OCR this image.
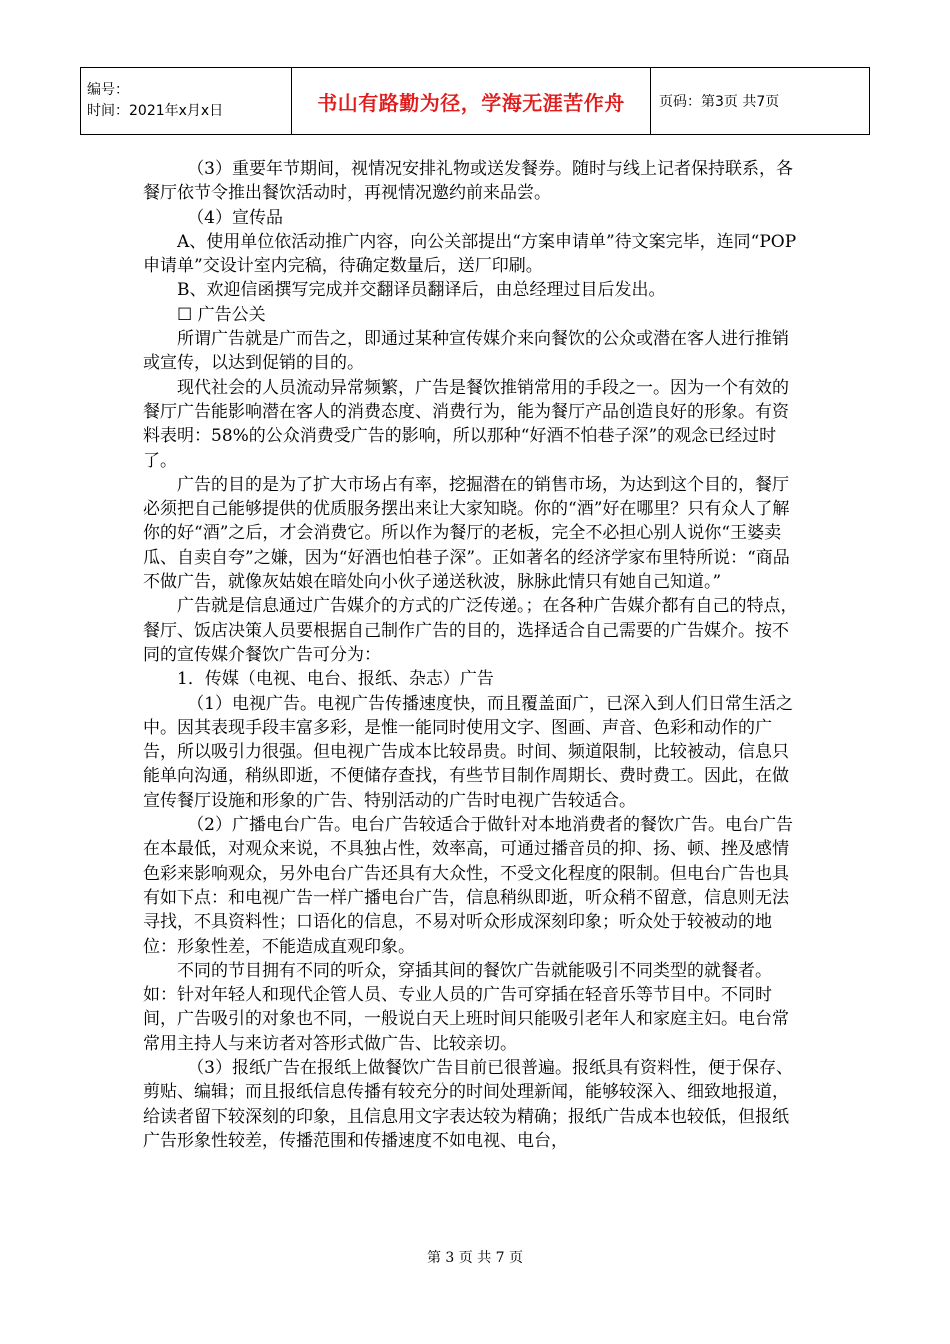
编号：
时间：2021年x月x日	书山有路勤为径，学海无涯苦作舟	页码：第3页 共7页

（3）重要年节期间，视情况安排礼物或送发餐券。随时与线上记者保持联系，各餐厅依节令推出餐饮活动时，再视情况邀约前来品尝。

（4）宣传品

A、使用单位依活动推广内容，向公关部提出“方案申请单”待文案完毕，连同“POP申请单”交设计室内完稿，待确定数量后，送厂印刷。

B、欢迎信函撰写完成并交翻译员翻译后，由总经理过目后发出。

☐ 广告公关

所谓广告就是广而告之，即通过某种宣传媒介来向餐饮的公众或潜在客人进行推销或宣传，以达到促销的目的。

现代社会的人员流动异常频繁，广告是餐饮推销常用的手段之一。因为一个有效的餐厅广告能影响潜在客人的消费态度、消费行为，能为餐厅产品创造良好的形象。有资料表明：58%的公众消费受广告的影响，所以那种“好酒不怕巷子深”的观念已经过时了。

广告的目的是为了扩大市场占有率，挖掘潜在的销售市场，为达到这个目的，餐厅必须把自己能够提供的优质服务摆出来让大家知晓。你的“酒”好在哪里？只有众人了解你的好“酒”之后，才会消费它。所以作为餐厅的老板，完全不必担心别人说你“王婆卖瓜、自卖自夸”之嫌，因为“好酒也怕巷子深”。正如著名的经济学家布里特所说：“商品不做广告，就像灰姑娘在暗处向小伙子递送秋波，脉脉此情只有她自己知道。”

广告就是信息通过广告媒介的方式的广泛传递。；在各种广告媒介都有自己的特点，餐厅、饭店决策人员要根据自己制作广告的目的，选择适合自己需要的广告媒介。按不同的宣传媒介餐饮广告可分为：

1．传媒（电视、电台、报纸、杂志）广告

（1）电视广告。电视广告传播速度快，而且覆盖面广，已深入到人们日常生活之中。因其表现手段丰富多彩，是惟一能同时使用文字、图画、声音、色彩和动作的广告，所以吸引力很强。但电视广告成本比较昂贵。时间、频道限制，比较被动，信息只能单向沟通，稍纵即逝，不便储存查找，有些节目制作周期长、费时费工。因此，在做宣传餐厅设施和形象的广告、特别活动的广告时电视广告较适合。

（2）广播电台广告。电台广告较适合于做针对本地消费者的餐饮广告。电台广告在本最低，对观众来说，不具独占性，效率高，可通过播音员的抑、扬、顿、挫及感情色彩来影响观众，另外电台广告还具有大众性，不受文化程度的限制。但电台广告也具有如下点：和电视广告一样广播电台广告，信息稍纵即逝，听众稍不留意，信息则无法寻找，不具资料性；口语化的信息，不易对听众形成深刻印象；听众处于较被动的地位：形象性差，不能造成直观印象。

不同的节目拥有不同的听众，穿插其间的餐饮广告就能吸引不同类型的就餐者。如：针对年轻人和现代企管人员、专业人员的广告可穿插在轻音乐等节目中。不同时间，广告吸引的对象也不同，一般说白天上班时间只能吸引老年人和家庭主妇。电台常常用主持人与来访者对答形式做广告、比较亲切。

（3）报纸广告在报纸上做餐饮广告目前已很普遍。报纸具有资料性，便于保存、剪贴、编辑；而且报纸信息传播有较充分的时间处理新闻，能够较深入、细致地报道，给读者留下较深刻的印象，且信息用文字表达较为精确；报纸广告成本也较低，但报纸广告形象性较差，传播范围和传播速度不如电视、电台，

第 3 页 共 7 页
